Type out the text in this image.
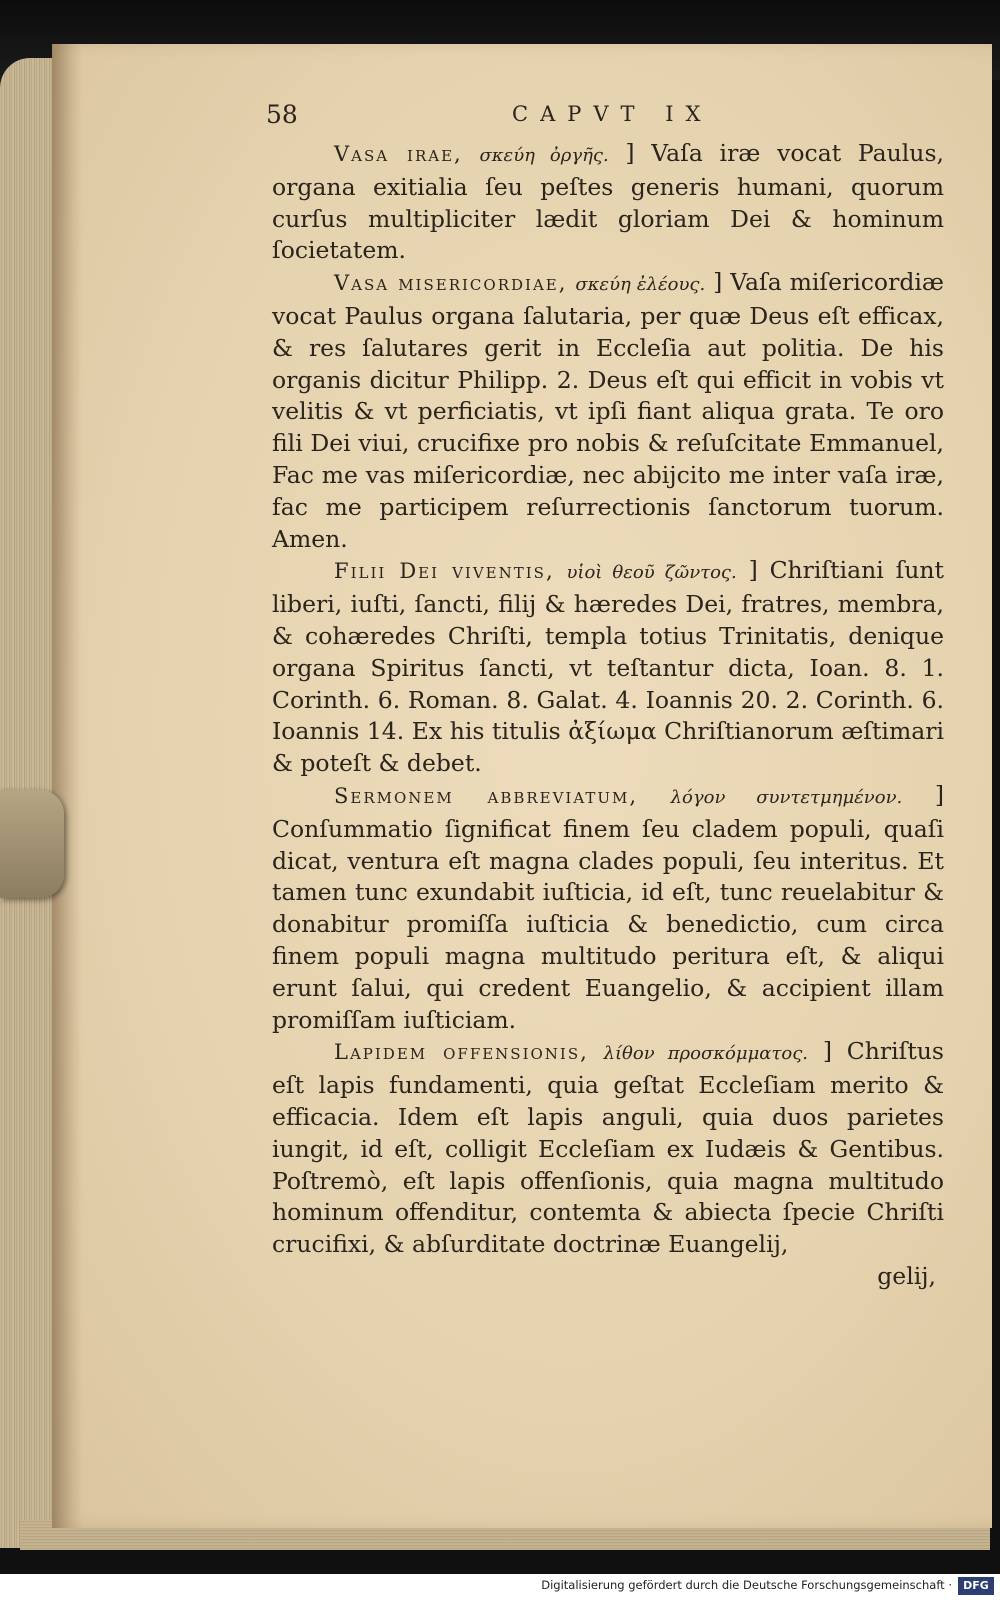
58	CAPVT IX

Vasa irae, σκεύη ὀργῆς. ] Vaſa iræ vocat Paulus, organa exitialia ſeu peſtes generis humani, quorum curſus multipliciter lædit gloriam Dei & hominum ſocietatem.

Vasa misericordiae, σκεύη ἐλέους. ] Vaſa miſericordiæ vocat Paulus organa ſalutaria, per quæ Deus eſt efficax, & res ſalutares gerit in Eccleſia aut politia. De his organis dicitur Philipp. 2. Deus eſt qui efficit in vobis vt velitis & vt perficiatis, vt ipſi fiant aliqua grata. Te oro fili Dei viui, crucifixe pro nobis & reſuſcitate Emmanuel, Fac me vas miſericordiæ, nec abijcito me inter vaſa iræ, fac me participem reſurrectionis ſanctorum tuorum. Amen.

Filii Dei viventis, υἱοὶ θεοῦ ζῶντος. ] Chriſtiani ſunt liberi, iuſti, ſancti, filij & hæredes Dei, fratres, membra, & cohæredes Chriſti, templa totius Trinitatis, denique organa Spiritus ſancti, vt teſtantur dicta, Ioan. 8. 1. Corinth. 6. Roman. 8. Galat. 4. Ioannis 20. 2. Corinth. 6. Ioannis 14. Ex his titulis ἀξίωμα Chriſtianorum æſtimari & poteſt & debet.

Sermonem abbreviatum, λόγον συντετμημένον. ] Conſummatio ſignificat finem ſeu cladem populi, quaſi dicat, ventura eſt magna clades populi, ſeu interitus. Et tamen tunc exundabit iuſticia, id eſt, tunc reuelabitur & donabitur promiſſa iuſticia & benedictio, cum circa finem populi magna multitudo peritura eſt, & aliqui erunt ſalui, qui credent Euangelio, & accipient illam promiſſam iuſticiam.

Lapidem offensionis, λίθον προσκόμματος. ] Chriſtus eſt lapis fundamenti, quia geſtat Eccleſiam merito & efficacia. Idem eſt lapis anguli, quia duos parietes iungit, id eſt, colligit Eccleſiam ex Iudæis & Gentibus. Poſtremò, eſt lapis offenſionis, quia magna multitudo hominum offenditur, contemta & abiecta ſpecie Chriſti crucifixi, & abſurditate doctrinæ Euangelij,

gelij,

Digitalisierung gefördert durch die Deutsche Forschungsgemeinschaft ·	DFG
